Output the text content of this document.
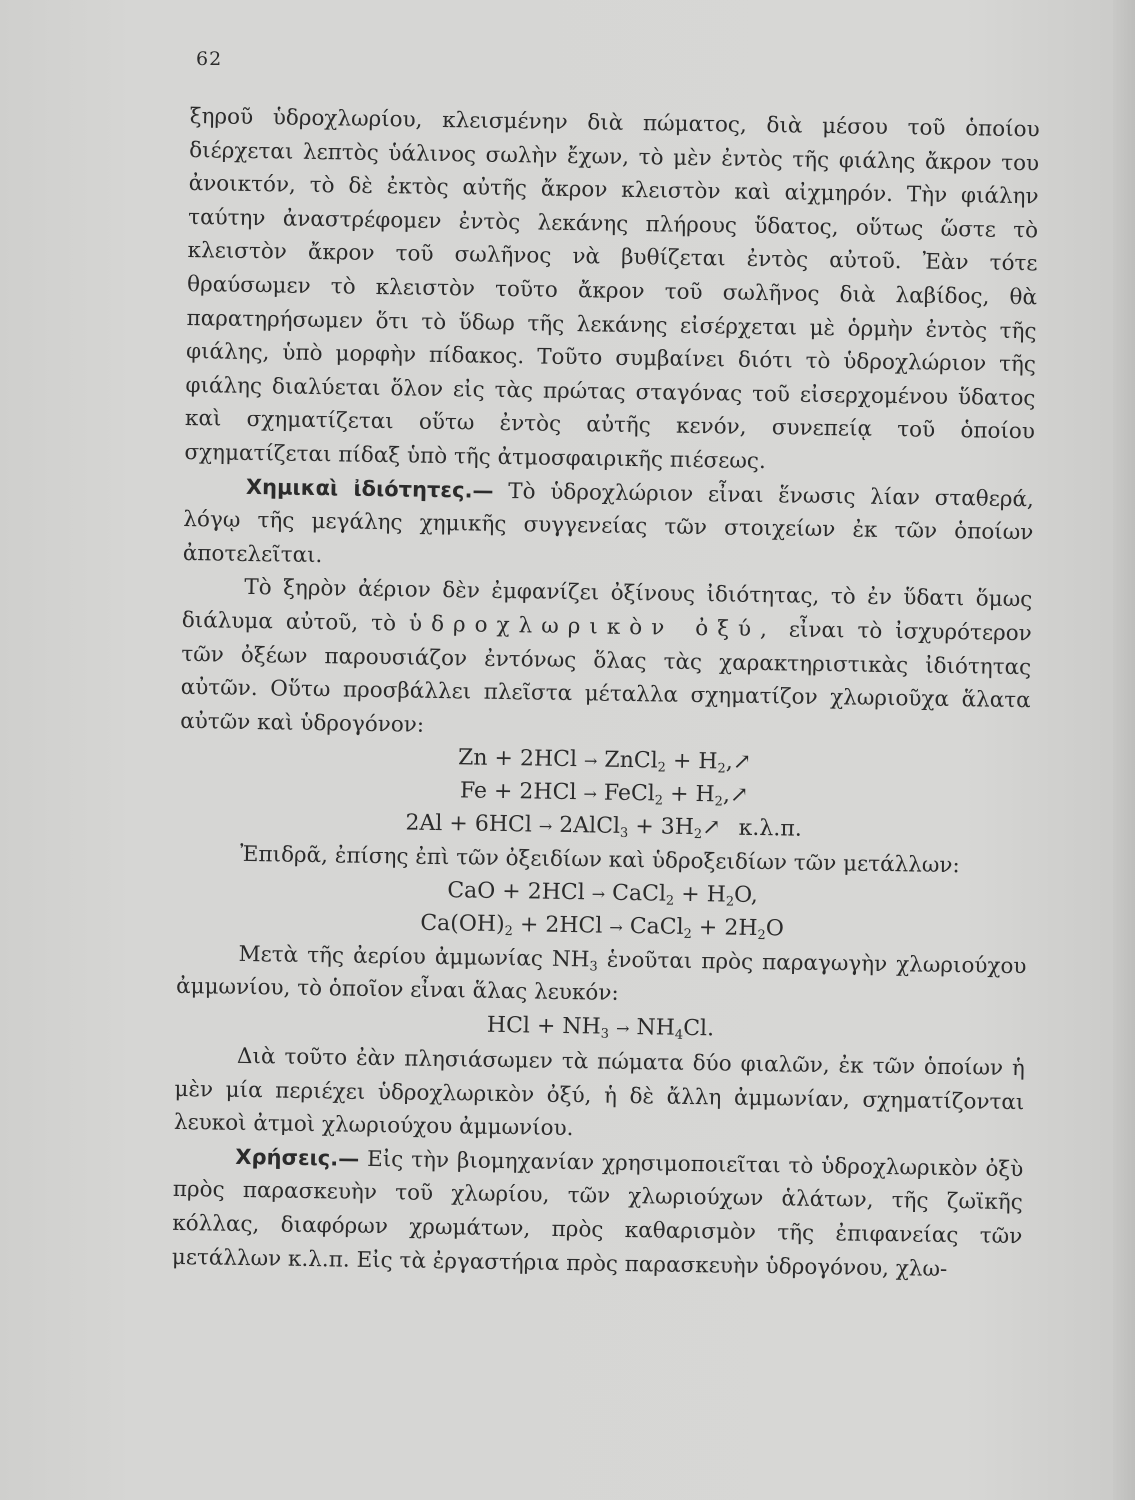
62

ξηροῦ ὑδροχλωρίου, κλεισμένην διὰ πώματος, διὰ μέσου τοῦ ὁποίου διέρχεται λεπτὸς ὑάλινος σωλὴν ἔχων, τὸ μὲν ἐντὸς τῆς φιάλης ἄκρον του ἀνοικτόν, τὸ δὲ ἐκτὸς αὐτῆς ἄκρον κλειστὸν καὶ αἰχμηρόν. Τὴν φιάλην ταύτην ἀναστρέφομεν ἐντὸς λεκάνης πλήρους ὕδατος, οὕτως ὥστε τὸ κλειστὸν ἄκρον τοῦ σωλῆνος νὰ βυθίζεται ἐντὸς αὐτοῦ. Ἐὰν τότε θραύσωμεν τὸ κλειστὸν τοῦτο ἄκρον τοῦ σωλῆνος διὰ λαβίδος, θὰ παρατηρήσωμεν ὅτι τὸ ὕδωρ τῆς λεκάνης εἰσέρχεται μὲ ὁρμὴν ἐντὸς τῆς φιάλης, ὑπὸ μορφὴν πίδακος. Τοῦτο συμβαίνει διότι τὸ ὑδροχλώριον τῆς φιάλης διαλύεται ὅλον εἰς τὰς πρώτας σταγόνας τοῦ εἰσερχομένου ὕδατος καὶ σχηματίζεται οὕτω ἐντὸς αὐτῆς κενόν, συνεπείᾳ τοῦ ὁποίου σχηματίζεται πίδαξ ὑπὸ τῆς ἀτμοσφαιρικῆς πιέσεως.

Χημικαὶ ἰδιότητες.— Τὸ ὑδροχλώριον εἶναι ἕνωσις λίαν σταθερά, λόγῳ τῆς μεγάλης χημικῆς συγγενείας τῶν στοιχείων ἐκ τῶν ὁποίων ἀποτελεῖται.

Τὸ ξηρὸν ἀέριον δὲν ἐμφανίζει ὀξίνους ἰδιότητας, τὸ ἐν ὕδατι ὅμως διάλυμα αὐτοῦ, τὸ ὑδροχλωρικὸν ὀξύ, εἶναι τὸ ἰσχυρότερον τῶν ὀξέων παρουσιάζον ἐντόνως ὅλας τὰς χαρακτηριστικὰς ἰδιότητας αὐτῶν. Οὕτω προσβάλλει πλεῖστα μέταλλα σχηματίζον χλωριοῦχα ἅλατα αὐτῶν καὶ ὑδρογόνον:

Zn + 2HCl → ZnCl$_2$ + $H_2,↗$

Fe + 2HCl → FeCl$_2$ + $H_2,↗$

2Al + 6HCl → 2AlCl$_3$ + $3H_2↗$ κ.λ.π.

Ἐπιδρᾶ, ἐπίσης ἐπὶ τῶν ὀξειδίων καὶ ὑδροξειδίων τῶν μετάλλων:

CaO + 2HCl → CaCl$_2$ + $H_2O$,

$Ca(OH)_2 + 2HCl$ → CaCl$_2$ + $2H_2O$

Μετὰ τῆς ἀερίου ἀμμωνίας $NH_3$ ἑνοῦται πρὸς παραγωγὴν χλωριούχου ἀμμωνίου, τὸ ὁποῖον εἶναι ἅλας λευκόν:

HCl + $NH_3 \to NH_4Cl$.

Διὰ τοῦτο ἐὰν πλησιάσωμεν τὰ πώματα δύο φιαλῶν, ἐκ τῶν ὁποίων ἡ μὲν μία περιέχει ὑδροχλωρικὸν ὀξύ, ἡ δὲ ἄλλη ἀμμωνίαν, σχηματίζονται λευκοὶ ἀτμοὶ χλωριούχου ἀμμωνίου.

Χρήσεις.— Εἰς τὴν βιομηχανίαν χρησιμοποιεῖται τὸ ὑδροχλωρικὸν ὀξὺ πρὸς παρασκευὴν τοῦ χλωρίου, τῶν χλωριούχων ἁλάτων, τῆς ζωϊκῆς κόλλας, διαφόρων χρωμάτων, πρὸς καθαρισμὸν τῆς ἐπιφανείας τῶν μετάλλων κ.λ.π. Εἰς τὰ ἐργαστήρια πρὸς παρασκευὴν ὑδρογόνου, χλω-
